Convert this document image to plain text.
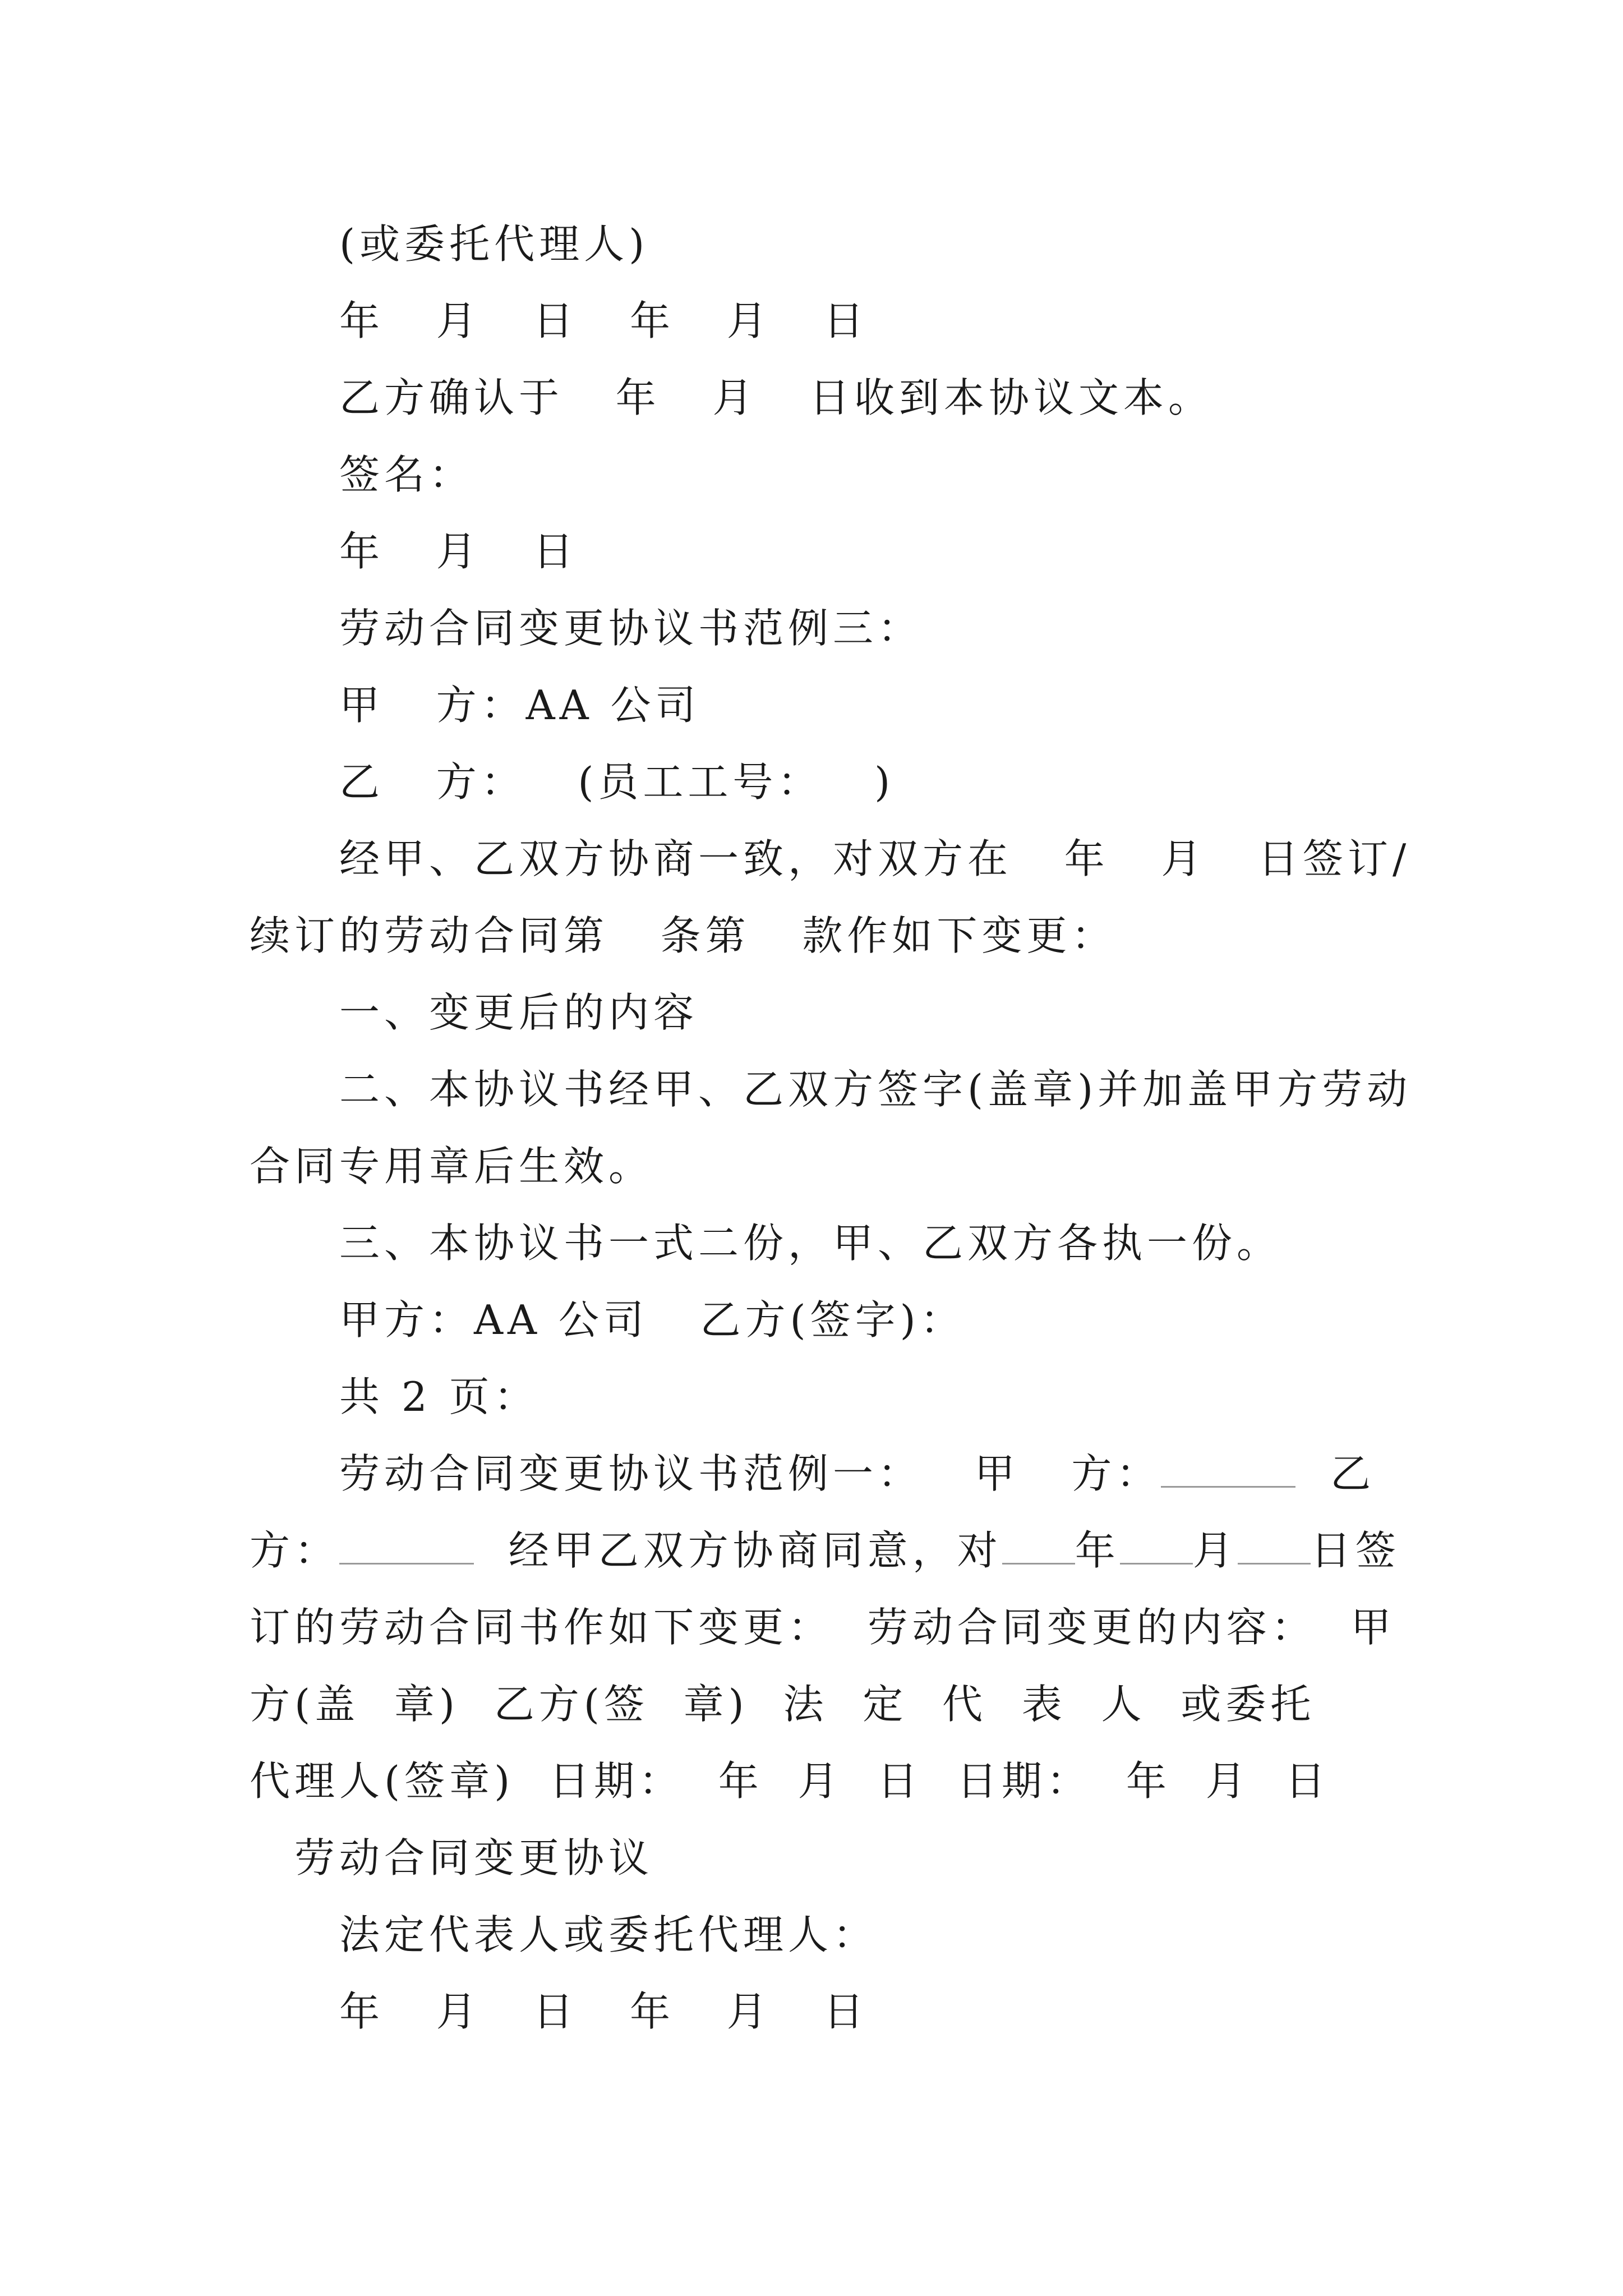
(或委托代理人)
年   月   日   年   月   日
乙方确认于   年   月   日收到本协议文本。
签名：
年   月   日
劳动合同变更协议书范例三：
甲   方：AA 公司
乙   方：   (员工工号：   )
经甲、乙双方协商一致，对双方在   年   月   日签订/
续订的劳动合同第   条第   款作如下变更：
一、变更后的内容
二、本协议书经甲、乙双方签字(盖章)并加盖甲方劳动
合同专用章后生效。
三、本协议书一式二份，甲、乙双方各执一份。
甲方：AA 公司   乙方(签字)：
共 2 页：
劳动合同变更协议书范例一：   甲   方：	乙
方：	经甲乙双方协商同意，对 年 月 日签
订的劳动合同书作如下变更：  劳动合同变更的内容：  甲
方(盖  章)  乙方(签  章)  法  定  代  表  人  或委托
代理人(签章)  日期：  年  月  日  日期：  年  月  日
劳动合同变更协议
法定代表人或委托代理人：
年   月   日   年   月   日
